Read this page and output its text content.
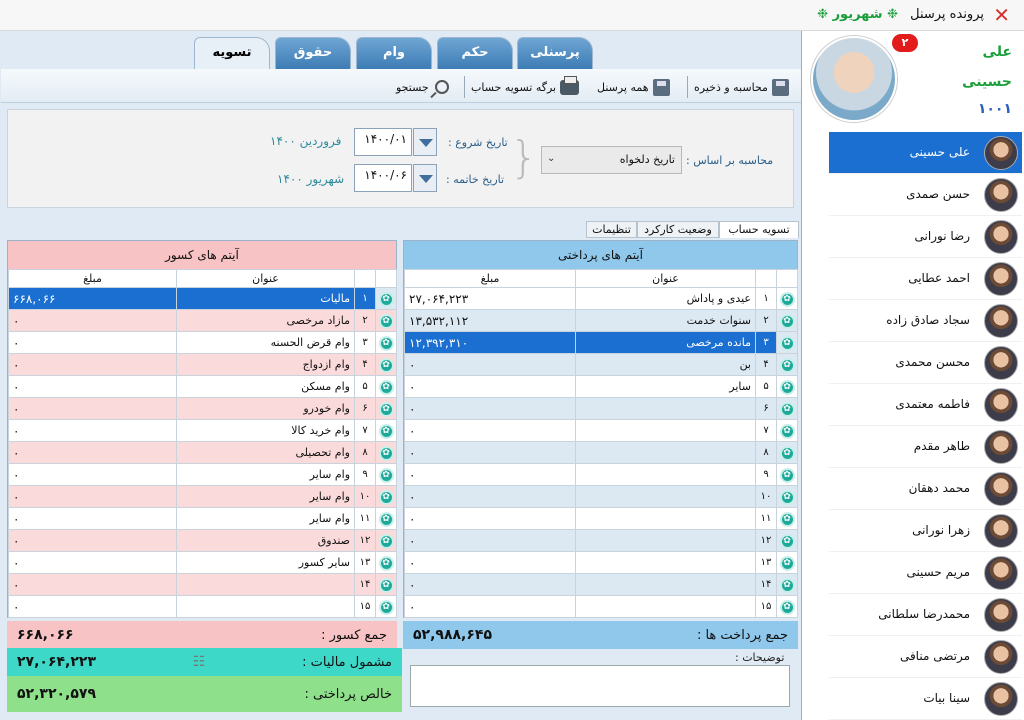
پرونده پرسنل ❉ شهریور ❉	✕
پرسنلی
حکم
وام
حقوق
تسویه
محاسبه و ذخیره
همه پرسنل
برگه تسویه حساب
جستجو
محاسبه بر اساس :
تاریخ دلخواه
⌄
}
تاریخ شروع :
۱۴۰۰/۰۱
فروردین ۱۴۰۰
تاریخ خاتمه :
۱۴۰۰/۰۶
شهریور ۱۴۰۰
تسویه حساب
وضعیت کارکرد
تنظیمات
آیتم های پرداختی
		عنوان	مبلغ
✿	۱	عیدی و پاداش	۲۷,۰۶۴,۲۲۳
✿	۲	سنوات خدمت	۱۳,۵۳۲,۱۱۲
✿	۳	مانده مرخصی	۱۲,۳۹۲,۳۱۰
✿	۴	بن	۰
✿	۵	سایر	۰
✿	۶		۰
✿	۷		۰
✿	۸		۰
✿	۹		۰
✿	۱۰		۰
✿	۱۱		۰
✿	۱۲		۰
✿	۱۳		۰
✿	۱۴		۰
✿	۱۵		۰
آیتم های کسور
		عنوان	مبلغ
✿	۱	مالیات	۶۶۸,۰۶۶
✿	۲	مازاد مرخصی	۰
✿	۳	وام قرض الحسنه	۰
✿	۴	وام ازدواج	۰
✿	۵	وام مسکن	۰
✿	۶	وام خودرو	۰
✿	۷	وام خرید کالا	۰
✿	۸	وام تحصیلی	۰
✿	۹	وام سایر	۰
✿	۱۰	وام سایر	۰
✿	۱۱	وام سایر	۰
✿	۱۲	صندوق	۰
✿	۱۳	سایر کسور	۰
✿	۱۴		۰
✿	۱۵		۰
جمع پرداخت ها :
۵۲,۹۸۸,۶۴۵
جمع کسور :
۶۶۸,۰۶۶
مشمول مالیات :
☷
۲۷,۰۶۴,۲۲۳
خالص پرداختی :
۵۲,۳۲۰,۵۷۹
توضیحات :
۲
علی
حسینی
۱۰۰۱
علی حسینی
حسن صمدی
رضا نورانی
احمد عطایی
سجاد صادق زاده
محسن محمدی
فاطمه معتمدی
طاهر مقدم
محمد دهقان
زهرا نورانی
مریم حسینی
محمدرضا سلطانی
مرتضی منافی
سینا بیات
